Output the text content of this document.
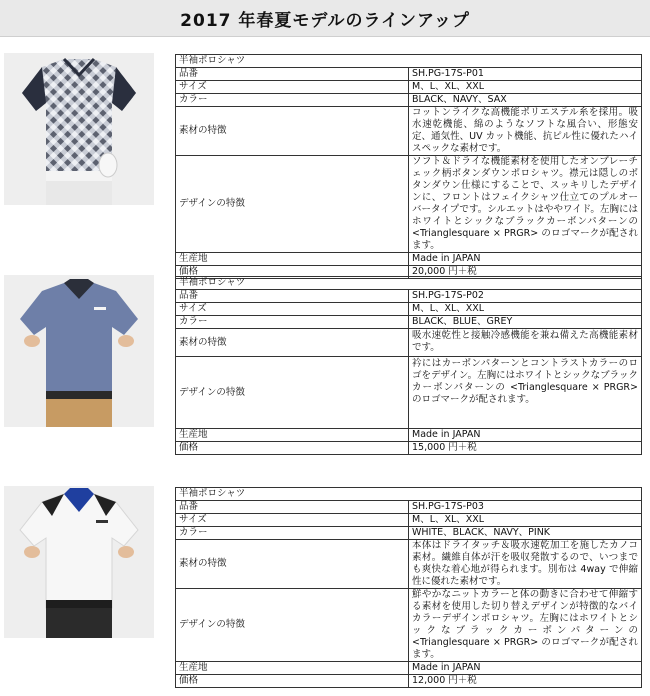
2017 年春夏モデルのラインアップ
半袖ポロシャツ	
品番	SH.PG-17S-P01
サイズ	M、L、XL、XXL
カラー	BLACK、NAVY、SAX
素材の特徴	コットンライクな高機能ポリエステル糸を採用。吸水速乾機能、綿のようなソフトな風合い、形態安定、通気性、UV カット機能、抗ピル性に優れたハイスペックな素材です。
デザインの特徴	ソフト＆ドライな機能素材を使用したオンブレーチェック柄ボタンダウンポロシャツ。襟元は隠しのボタンダウン仕様にすることで、スッキリしたデザインに、フロントはフェイクシャツ仕立てのプルオーバータイプです。シルエットはややワイド。左胸にはホワイトとシックなブラックカーボンパターンの<Trianglesquare × PRGR> のロゴマークが配されます。
生産地	Made in JAPAN
価格	20,000 円＋税
半袖ポロシャツ	
品番	SH.PG-17S-P02
サイズ	M、L、XL、XXL
カラー	BLACK、BLUE、GREY
素材の特徴	吸水速乾性と接触冷感機能を兼ね備えた高機能素材です。
デザインの特徴	衿にはカーボンパターンとコントラストカラーのロゴをデザイン。左胸にはホワイトとシックなブラックカーボンパターンの <Trianglesquare × PRGR> のロゴマークが配されます。
生産地	Made in JAPAN
価格	15,000 円＋税
半袖ポロシャツ	
品番	SH.PG-17S-P03
サイズ	M、L、XL、XXL
カラー	WHITE、BLACK、NAVY、PINK
素材の特徴	本体はドライタッチ＆吸水速乾加工を施したカノコ素材。繊維自体が汗を吸収発散するので、いつまでも爽快な着心地が得られます。別布は 4way で伸縮性に優れた素材です。
デザインの特徴	鮮やかなニットカラーと体の動きに合わせて伸縮する素材を使用した切り替えデザインが特徴的なバイカラーデザインポロシャツ。左胸にはホワイトとシックなブラックカーボンパターンの <Trianglesquare × PRGR> のロゴマークが配されます。
生産地	Made in JAPAN
価格	12,000 円＋税
